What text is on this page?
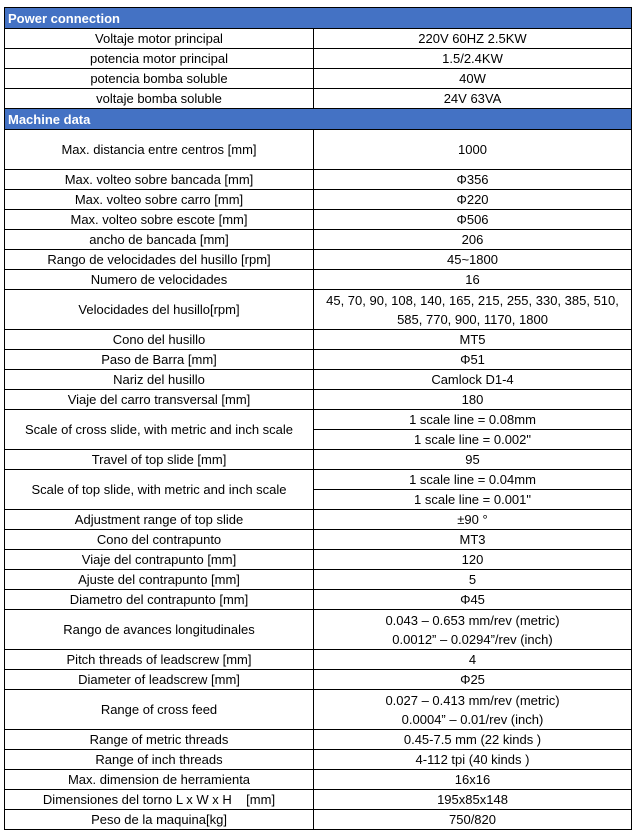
Power connection	
Voltaje motor principal	220V 60HZ 2.5KW
potencia motor principal	1.5/2.4KW
potencia bomba soluble	40W
voltaje bomba soluble	24V 63VA
Machine data	
Max. distancia entre centros [mm]	1000
Max. volteo sobre bancada [mm]	Φ356
Max. volteo sobre carro [mm]	Φ220
Max. volteo sobre escote [mm]	Φ506
ancho de bancada [mm]	206
Rango de velocidades del husillo [rpm]	45~1800
Numero de velocidades	16
Velocidades del husillo[rpm]	45, 70, 90, 108, 140, 165, 215, 255, 330, 385, 510, 585, 770, 900, 1170, 1800
Cono del husillo	MT5
Paso de Barra [mm]	Φ51
Nariz del husillo	Camlock D1-4
Viaje del carro transversal [mm]	180
Scale of cross slide, with metric and inch scale	1 scale line = 0.08mm
	1 scale line = 0.002"
Travel of top slide [mm]	95
Scale of top slide, with metric and inch scale	1 scale line = 0.04mm
	1 scale line = 0.001"
Adjustment range of top slide	±90 °
Cono del contrapunto	MT3
Viaje del contrapunto [mm]	120
Ajuste del contrapunto [mm]	5
Diametro del contrapunto [mm]	Φ45
Rango de avances longitudinales	0.043 – 0.653 mm/rev (metric)
0.0012” – 0.0294”/rev (inch)

Pitch threads of leadscrew [mm]	4
Diameter of leadscrew [mm]	Φ25
Range of cross feed	0.027 – 0.413 mm/rev (metric)
0.0004” – 0.01/rev (inch)

Range of metric threads	0.45-7.5 mm (22 kinds )
Range of inch threads	4-112 tpi (40 kinds )
Max. dimension de herramienta	16x16
Dimensiones del torno L x W x H    [mm]	195x85x148
Peso de la maquina[kg]	750/820
